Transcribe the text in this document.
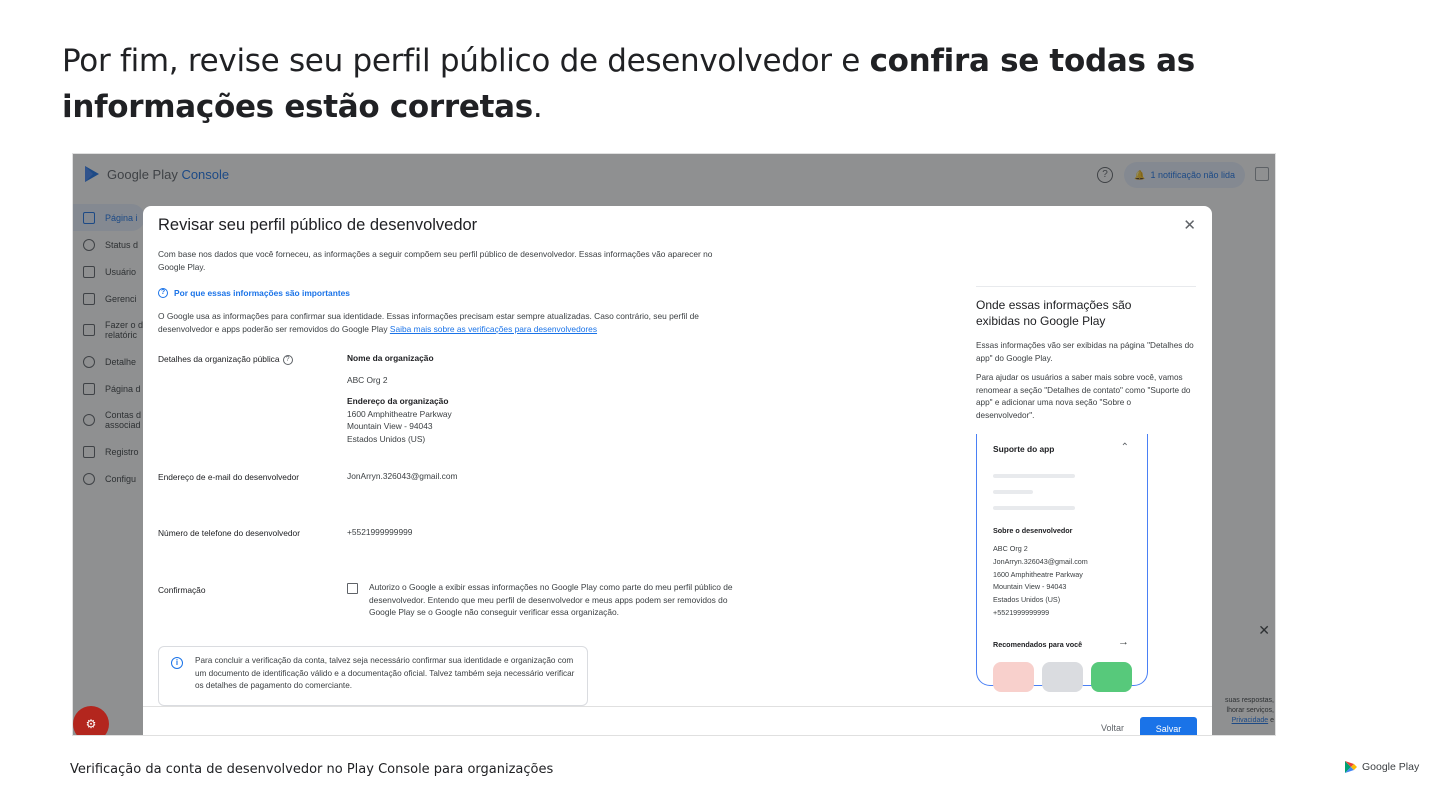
Por fim, revise seu perfil público de desenvolvedor e confira se todas as informações estão corretas.

⚙
Revisar seu perfil público de desenvolvedor	✕
Com base nos dados que você forneceu, as informações a seguir compõem seu perfil público de desenvolvedor. Essas informações vão aparecer no Google Play.
?	Por que essas informações são importantes
O Google usa as informações para confirmar sua identidade. Essas informações precisam estar sempre atualizadas. Caso contrário, seu perfil de desenvolvedor e apps poderão ser removidos do Google Play Saiba mais sobre as verificações para desenvolvedores
Detalhes da organização pública ?	Nome da organização

ABC Org 2

Endereço da organização
1600 Amphitheatre Parkway
Mountain View - 94043
Estados Unidos (US)
Endereço de e-mail do desenvolvedor	JonArryn.326043@gmail.com
Número de telefone do desenvolvedor	+5521999999999
Confirmação	Autorizo o Google a exibir essas informações no Google Play como parte do meu perfil público de desenvolvedor. Entendo que meu perfil de desenvolvedor e meus apps podem ser removidos do Google Play se o Google não conseguir verificar essa organização.
i	Para concluir a verificação da conta, talvez seja necessário confirmar sua identidade e organização com um documento de identificação válido e a documentação oficial. Talvez também seja necessário verificar os detalhes de pagamento do comerciante.
Onde essas informações são exibidas no Google Play
Essas informações vão ser exibidas na página "Detalhes do app" do Google Play.
Para ajudar os usuários a saber mais sobre você, vamos renomear a seção "Detalhes de contato" como "Suporte do app" e adicionar uma nova seção "Sobre o desenvolvedor".
Suporte do app	⌃
Sobre o desenvolvedor
ABC Org 2
JonArryn.326043@gmail.com
1600 Amphitheatre Parkway
Mountain View - 94043
Estados Unidos (US)
+5521999999999
Recomendados para você	→
Voltar	Salvar
Verificação da conta de desenvolvedor no Play Console para organizações	Google Play
